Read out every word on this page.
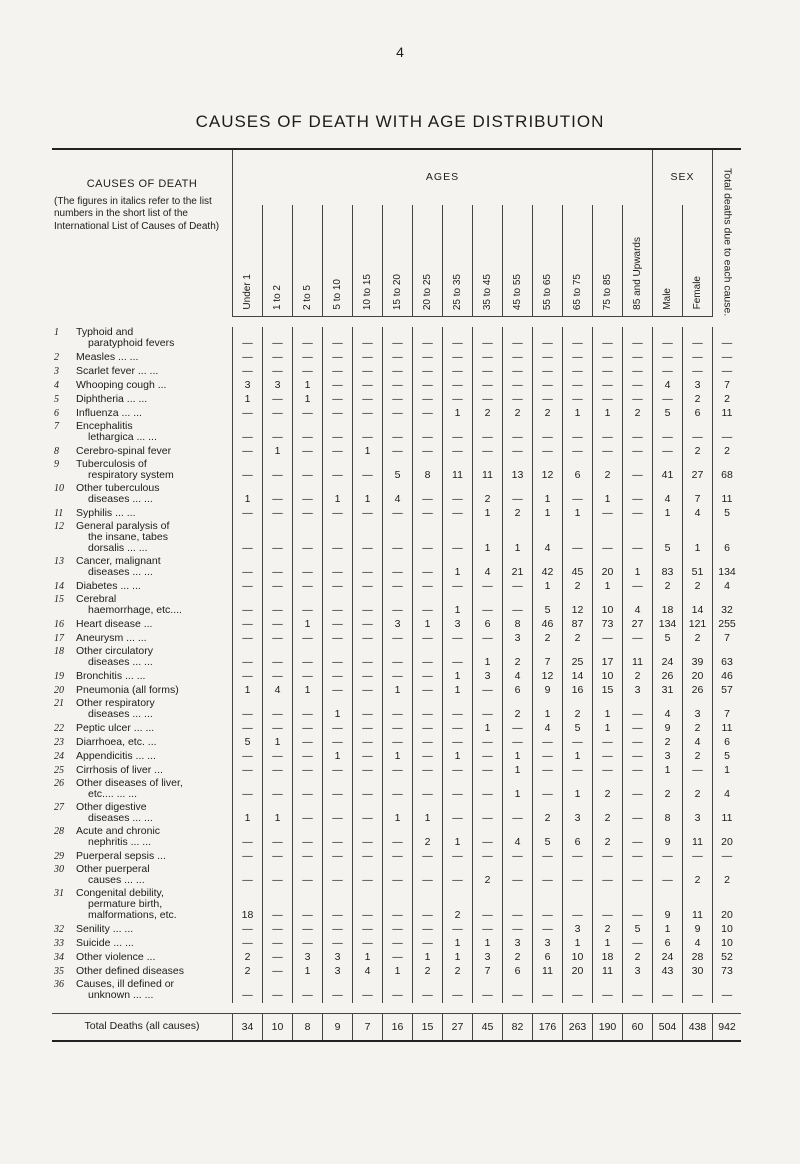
4
CAUSES OF DEATH WITH AGE DISTRIBUTION
CAUSES OF DEATH
(The figures in italics refer to the list numbers in the short list of the International List of Causes of Death)	AGES														SEX		Total deaths due to each cause.

	Under 1	1 to 2	2 to 5	5 to 10	10 to 15	15 to 20	20 to 25	25 to 35	35 to 45	45 to 55	55 to 65	65 to 75	75 to 85	85 and Upwards	Male	Female	

1 Typhoid and
paratyphoid fevers	—	—	—	—	—	—	—	—	—	—	—	—	—	—	—	—	—

2 Measles ... ...	—	—	—	—	—	—	—	—	—	—	—	—	—	—	—	—	—

3 Scarlet fever ... ...	—	—	—	—	—	—	—	—	—	—	—	—	—	—	—	—	—

4 Whooping cough ...	3	3	1	—	—	—	—	—	—	—	—	—	—	—	4	3	7

5 Diphtheria ... ...	1	—	1	—	—	—	—	—	—	—	—	—	—	—	—	2	2

6 Influenza ... ...	—	—	—	—	—	—	—	1	2	2	2	1	1	2	5	6	11

7 Encephalitis
lethargica ... ...	—	—	—	—	—	—	—	—	—	—	—	—	—	—	—	—	—

8 Cerebro-spinal fever	—	1	—	—	1	—	—	—	—	—	—	—	—	—	—	2	2

9 Tuberculosis of
respiratory system	—	—	—	—	—	5	8	11	11	13	12	6	2	—	41	27	68

10 Other tuberculous
diseases ... ...	1	—	—	1	1	4	—	—	2	—	1	—	1	—	4	7	11

11 Syphilis ... ...	—	—	—	—	—	—	—	—	1	2	1	1	—	—	1	4	5

12 General paralysis of
the insane, tabes
dorsalis ... ...	—	—	—	—	—	—	—	—	1	1	4	—	—	—	5	1	6

13 Cancer, malignant
diseases ... ...	—	—	—	—	—	—	—	1	4	21	42	45	20	1	83	51	134

14 Diabetes ... ...	—	—	—	—	—	—	—	—	—	—	1	2	1	—	2	2	4

15 Cerebral
haemorrhage, etc....	—	—	—	—	—	—	—	1	—	—	5	12	10	4	18	14	32

16 Heart disease ...	—	—	1	—	—	3	1	3	6	8	46	87	73	27	134	121	255

17 Aneurysm ... ...	—	—	—	—	—	—	—	—	—	3	2	2	—	—	5	2	7

18 Other circulatory
diseases ... ...	—	—	—	—	—	—	—	—	1	2	7	25	17	11	24	39	63

19 Bronchitis ... ...	—	—	—	—	—	—	—	1	3	4	12	14	10	2	26	20	46

20 Pneumonia (all forms)	1	4	1	—	—	1	—	1	—	6	9	16	15	3	31	26	57

21 Other respiratory
diseases ... ...	—	—	—	1	—	—	—	—	—	2	1	2	1	—	4	3	7

22 Peptic ulcer ... ...	—	—	—	—	—	—	—	—	1	—	4	5	1	—	9	2	11

23 Diarrhoea, etc. ...	5	1	—	—	—	—	—	—	—	—	—	—	—	—	2	4	6

24 Appendicitis ... ...	—	—	—	1	—	1	—	1	—	1	—	1	—	—	3	2	5

25 Cirrhosis of liver ...	—	—	—	—	—	—	—	—	—	1	—	—	—	—	1	—	1

26 Other diseases of liver,
etc.... ... ...	—	—	—	—	—	—	—	—	—	1	—	1	2	—	2	2	4

27 Other digestive
diseases ... ...	1	1	—	—	—	1	1	—	—	—	2	3	2	—	8	3	11

28 Acute and chronic
nephritis ... ...	—	—	—	—	—	—	2	1	—	4	5	6	2	—	9	11	20

29 Puerperal sepsis ...	—	—	—	—	—	—	—	—	—	—	—	—	—	—	—	—	—

30 Other puerperal
causes ... ...	—	—	—	—	—	—	—	—	2	—	—	—	—	—	—	2	2

31 Congenital debility,
permature birth,
malformations, etc.	18	—	—	—	—	—	—	2	—	—	—	—	—	—	9	11	20

32 Senility ... ...	—	—	—	—	—	—	—	—	—	—	—	3	2	5	1	9	10

33 Suicide ... ...	—	—	—	—	—	—	—	1	1	3	3	1	1	—	6	4	10

34 Other violence ...	2	—	3	3	1	—	1	1	3	2	6	10	18	2	24	28	52

35 Other defined diseases	2	—	1	3	4	1	2	2	7	6	11	20	11	3	43	30	73

36 Causes, ill defined or
unknown ... ...	—	—	—	—	—	—	—	—	—	—	—	—	—	—	—	—	—

Total Deaths (all causes)	34	10	8	9	7	16	15	27	45	82	176	263	190	60	504	438	942
